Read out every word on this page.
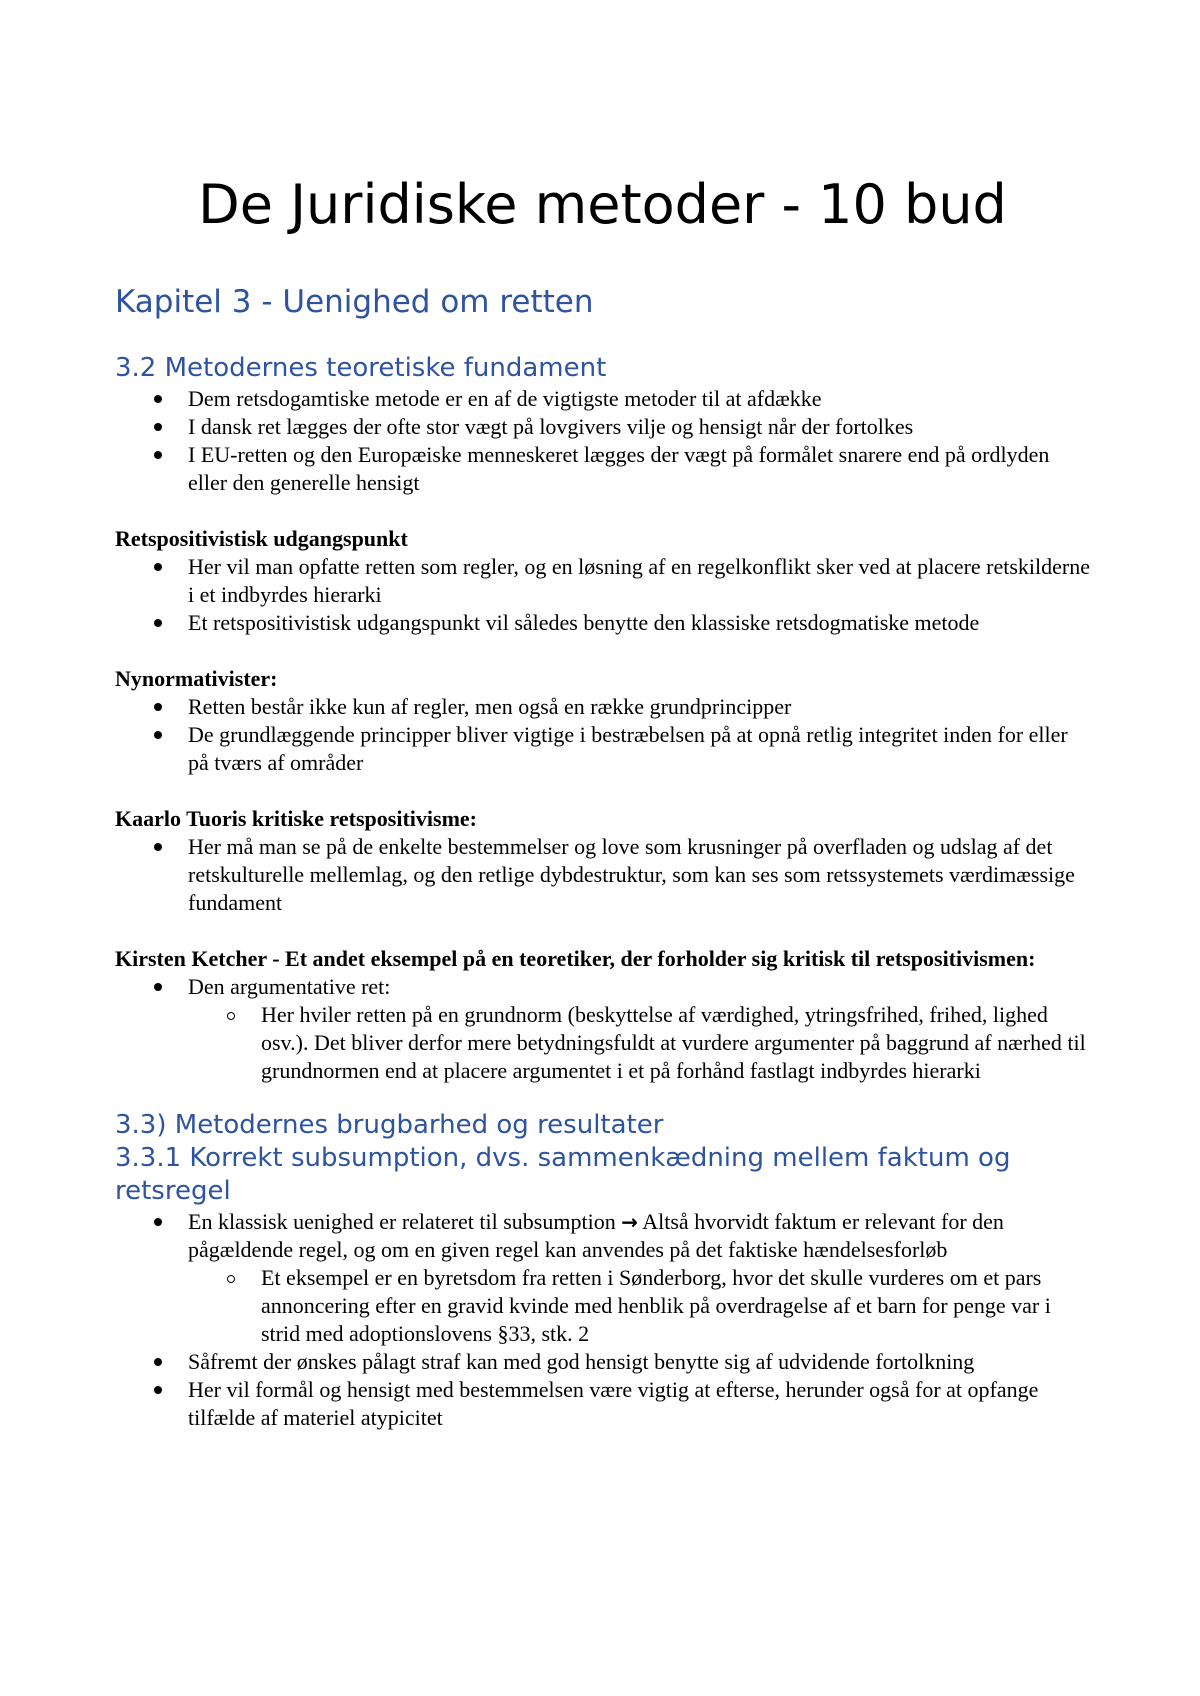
De Juridiske metoder - 10 bud
Kapitel 3 - Uenighed om retten
3.2 Metodernes teoretiske fundament
Dem retsdogamtiske metode er en af de vigtigste metoder til at afdække
I dansk ret lægges der ofte stor vægt på lovgivers vilje og hensigt når der fortolkes
I EU-retten og den Europæiske menneskeret lægges der vægt på formålet snarere end på ordlyden eller den generelle hensigt

Retspositivistisk udgangspunkt

Her vil man opfatte retten som regler, og en løsning af en regelkonflikt sker ved at placere retskilderne i et indbyrdes hierarki
Et retspositivistisk udgangspunkt vil således benytte den klassiske retsdogmatiske metode

Nynormativister:

Retten består ikke kun af regler, men også en række grundprincipper
De grundlæggende principper bliver vigtige i bestræbelsen på at opnå retlig integritet inden for eller på tværs af områder

Kaarlo Tuoris kritiske retspositivisme:

Her må man se på de enkelte bestemmelser og love som krusninger på overfladen og udslag af det retskulturelle mellemlag, og den retlige dybdestruktur, som kan ses som retssystemets værdimæssige fundament

Kirsten Ketcher - Et andet eksempel på en teoretiker, der forholder sig kritisk til retspositivismen:

Den argumentative ret:
Her hviler retten på en grundnorm (beskyttelse af værdighed, ytringsfrihed, frihed, lighed osv.). Det bliver derfor mere betydningsfuldt at vurdere argumenter på baggrund af nærhed til grundnormen end at placere argumentet i et på forhånd fastlagt indbyrdes hierarki
3.3) Metodernes brugbarhed og resultater
3.3.1 Korrekt subsumption, dvs. sammenkædning mellem faktum og retsregel
En klassisk uenighed er relateret til subsumption → Altså hvorvidt faktum er relevant for den pågældende regel, og om en given regel kan anvendes på det faktiske hændelsesforløb
Et eksempel er en byretsdom fra retten i Sønderborg, hvor det skulle vurderes om et pars annoncering efter en gravid kvinde med henblik på overdragelse af et barn for penge var i strid med adoptionslovens §33, stk. 2
Såfremt der ønskes pålagt straf kan med god hensigt benytte sig af udvidende fortolkning
Her vil formål og hensigt med bestemmelsen være vigtig at efterse, herunder også for at opfange tilfælde af materiel atypicitet
